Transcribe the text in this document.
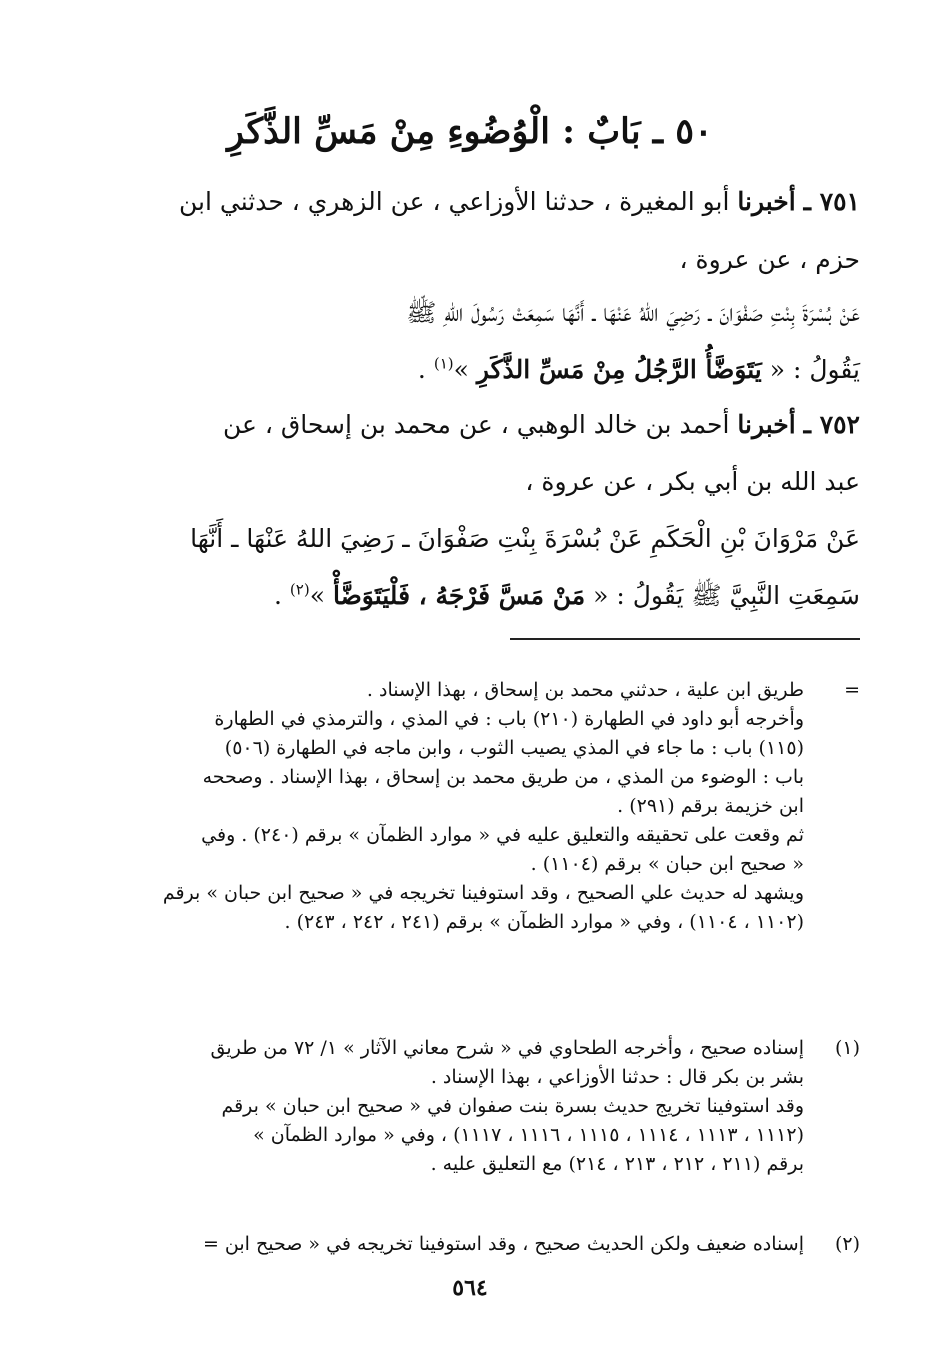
٥٠ ـ بَابٌ : الْوُضُوءِ مِنْ مَسِّ الذَّكَرِ
٧٥١ ـ أخبرنا أبو المغيرة ، حدثنا الأوزاعي ، عن الزهري ، حدثني ابن
حزم ، عن عروة ،
عَنْ بُسْرَةَ بِنْتِ صَفْوَانَ ـ رَضِيَ اللهُ عَنْهَا ـ أَنَّهَا سَمِعَتْ رَسُولَ اللهِ ﷺ
يَقُولُ : « يَتَوَضَّأُ الرَّجُلُ مِنْ مَسِّ الذَّكَرِ »$^{(١)}$ .
٧٥٢ ـ أخبرنا أحمد بن خالد الوهبي ، عن محمد بن إسحاق ، عن
عبد الله بن أبي بكر ، عن عروة ،
عَنْ مَرْوَانَ بْنِ الْحَكَمِ عَنْ بُسْرَةَ بِنْتِ صَفْوَانَ ـ رَضِيَ اللهُ عَنْهَا ـ أَنَّهَا
سَمِعَتِ النَّبِيَّ ﷺ يَقُولُ : « مَنْ مَسَّ فَرْجَهُ ، فَلْيَتَوَضَّأْ »$^{(٢)}$ .
=
طريق ابن علية ، حدثني محمد بن إسحاق ، بهذا الإسناد .
وأخرجه أبو داود في الطهارة (٢١٠) باب : في المذي ، والترمذي في الطهارة
(١١٥) باب : ما جاء في المذي يصيب الثوب ، وابن ماجه في الطهارة (٥٠٦)
باب : الوضوء من المذي ، من طريق محمد بن إسحاق ، بهذا الإسناد . وصححه
ابن خزيمة برقم (٢٩١) .
ثم وقعت على تحقيقه والتعليق عليه في « موارد الظمآن » برقم (٢٤٠) . وفي
« صحيح ابن حبان » برقم (١١٠٤) .
ويشهد له حديث علي الصحيح ، وقد استوفينا تخريجه في « صحيح ابن حبان » برقم
(١١٠٢ ، ١١٠٤) ، وفي « موارد الظمآن » برقم (٢٤١ ، ٢٤٢ ، ٢٤٣) .
(١)
إسناده صحيح ، وأخرجه الطحاوي في « شرح معاني الآثار » ١/ ٧٢ من طريق
بشر بن بكر قال : حدثنا الأوزاعي ، بهذا الإسناد .
وقد استوفينا تخريج حديث بسرة بنت صفوان في « صحيح ابن حبان » برقم
(١١١٢ ، ١١١٣ ، ١١١٤ ، ١١١٥ ، ١١١٦ ، ١١١٧) ، وفي « موارد الظمآن »
برقم (٢١١ ، ٢١٢ ، ٢١٣ ، ٢١٤) مع التعليق عليه .
(٢)
إسناده ضعيف ولكن الحديث صحيح ، وقد استوفينا تخريجه في « صحيح ابن =
٥٦٤
